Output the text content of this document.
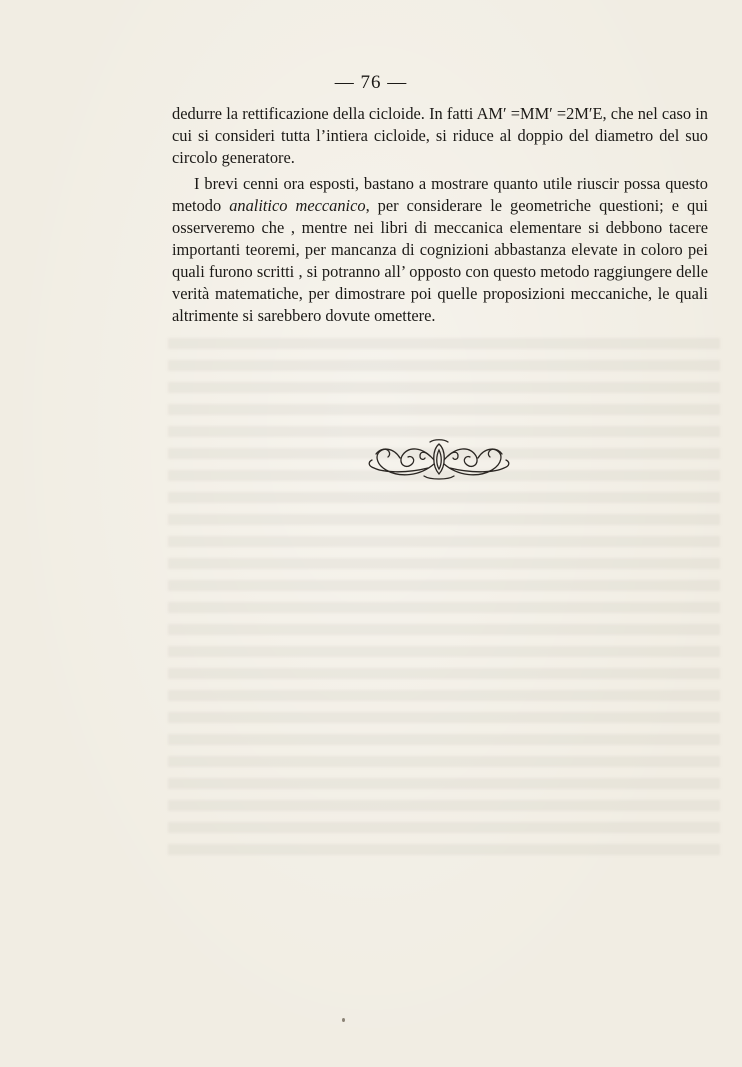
— 76 —

dedurre la rettificazione della cicloide. In fatti AM′ =MM′ =2M′E, che nel caso in cui si consideri tutta l’intiera cicloide, si riduce al doppio del diametro del suo circolo generatore.

I brevi cenni ora esposti, bastano a mostrare quanto utile riuscir possa questo metodo analitico meccanico, per considerare le geometriche questioni; e qui osserveremo che , mentre nei libri di meccanica elementare si debbono tacere importanti teoremi, per mancanza di cognizioni abbastanza elevate in coloro pei quali furono scritti , si potranno all’ opposto con questo metodo raggiungere delle verità matematiche, per dimostrare poi quelle proposizioni meccaniche, le quali altrimente si sarebbero dovute omettere.
